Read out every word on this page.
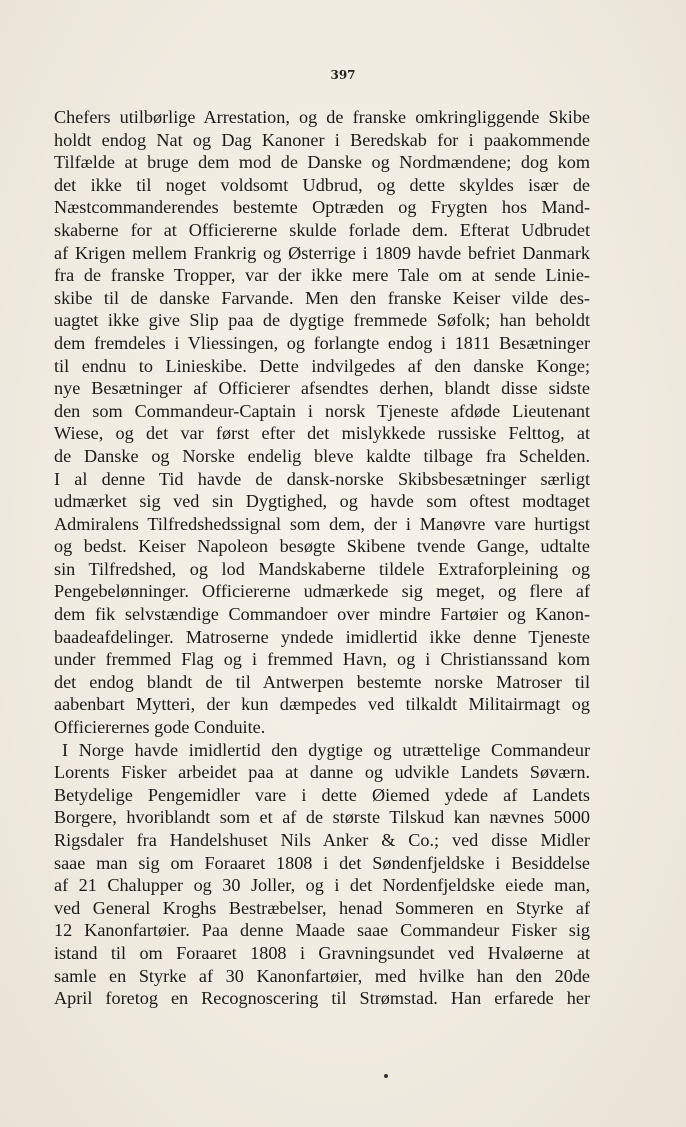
397
Chefers utilbørlige Arrestation, og de franske omkringliggende Skibe
holdt endog Nat og Dag Kanoner i Beredskab for i paakommende
Tilfælde at bruge dem mod de Danske og Nordmændene; dog kom
det ikke til noget voldsomt Udbrud, og dette skyldes især de
Næstcommanderendes bestemte Optræden og Frygten hos Mand-
skaberne for at Officiererne skulde forlade dem. Efterat Udbrudet
af Krigen mellem Frankrig og Østerrige i 1809 havde befriet Danmark
fra de franske Tropper, var der ikke mere Tale om at sende Linie-
skibe til de danske Farvande. Men den franske Keiser vilde des-
uagtet ikke give Slip paa de dygtige fremmede Søfolk; han beholdt
dem fremdeles i Vliessingen, og forlangte endog i 1811 Besætninger
til endnu to Linieskibe. Dette indvilgedes af den danske Konge;
nye Besætninger af Officierer afsendtes derhen, blandt disse sidste
den som Commandeur-Captain i norsk Tjeneste afdøde Lieutenant
Wiese, og det var først efter det mislykkede russiske Felttog, at
de Danske og Norske endelig bleve kaldte tilbage fra Schelden.
I al denne Tid havde de dansk-norske Skibsbesætninger særligt
udmærket sig ved sin Dygtighed, og havde som oftest modtaget
Admiralens Tilfredshedssignal som dem, der i Manøvre vare hurtigst
og bedst. Keiser Napoleon besøgte Skibene tvende Gange, udtalte
sin Tilfredshed, og lod Mandskaberne tildele Extraforpleining og
Pengebelønninger. Officiererne udmærkede sig meget, og flere af
dem fik selvstændige Commandoer over mindre Fartøier og Kanon-
baadeafdelinger. Matroserne yndede imidlertid ikke denne Tjeneste
under fremmed Flag og i fremmed Havn, og i Christianssand kom
det endog blandt de til Antwerpen bestemte norske Matroser til
aabenbart Mytteri, der kun dæmpedes ved tilkaldt Militairmagt og
Officierernes gode Conduite.
I Norge havde imidlertid den dygtige og utrættelige Commandeur
Lorents Fisker arbeidet paa at danne og udvikle Landets Søværn.
Betydelige Pengemidler vare i dette Øiemed ydede af Landets
Borgere, hvoriblandt som et af de største Tilskud kan nævnes 5000
Rigsdaler fra Handelshuset Nils Anker & Co.; ved disse Midler
saae man sig om Foraaret 1808 i det Søndenfjeldske i Besiddelse
af 21 Chalupper og 30 Joller, og i det Nordenfjeldske eiede man,
ved General Kroghs Bestræbelser, henad Sommeren en Styrke af
12 Kanonfartøier. Paa denne Maade saae Commandeur Fisker sig
istand til om Foraaret 1808 i Gravningsundet ved Hvaløerne at
samle en Styrke af 30 Kanonfartøier, med hvilke han den 20de
April foretog en Recognoscering til Strømstad. Han erfarede her
